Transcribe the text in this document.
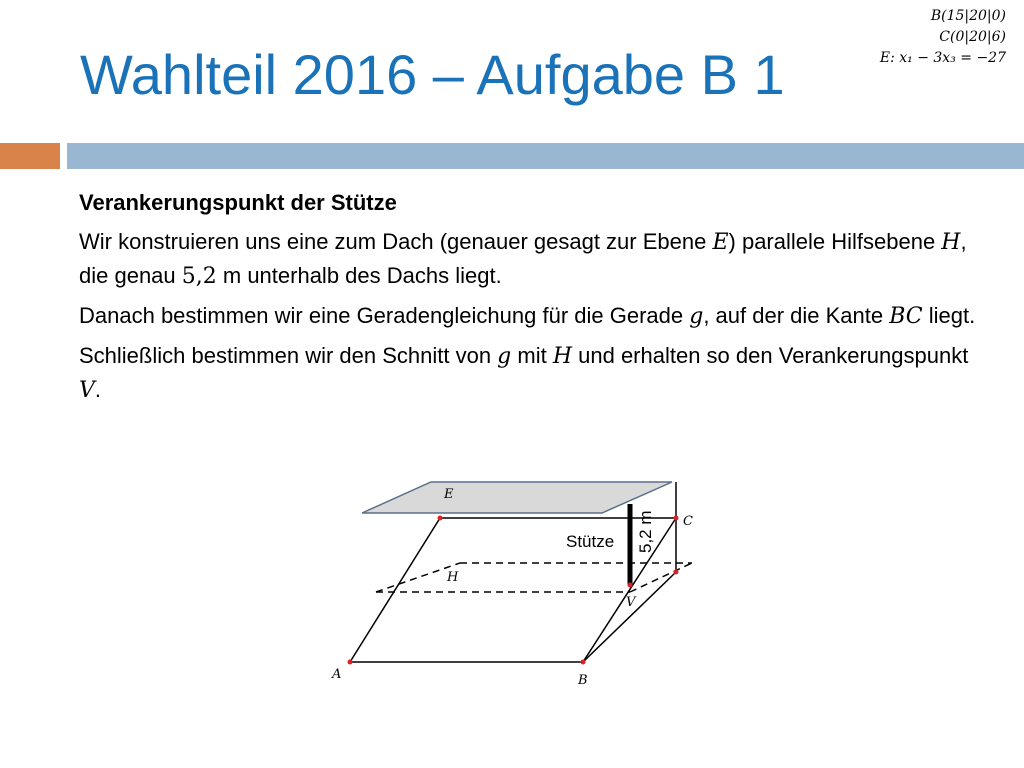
B(15|20|0)
C(0|20|6)
E: x₁ − 3x₃ = −27
Wahlteil 2016 – Aufgabe B 1

Verankerungspunkt der Stütze

Wir konstruieren uns eine zum Dach (genauer gesagt zur Ebene E) parallele Hilfsebene H, die genau 5,2 m unterhalb des Dachs liegt.

Danach bestimmen wir eine Geradengleichung für die Gerade g, auf der die Kante BC liegt.

Schließlich bestimmen wir den Schnitt von g mit H und erhalten so den Verankerungspunkt V.

E
H
C
V
A	B
Stütze 5,2 m
